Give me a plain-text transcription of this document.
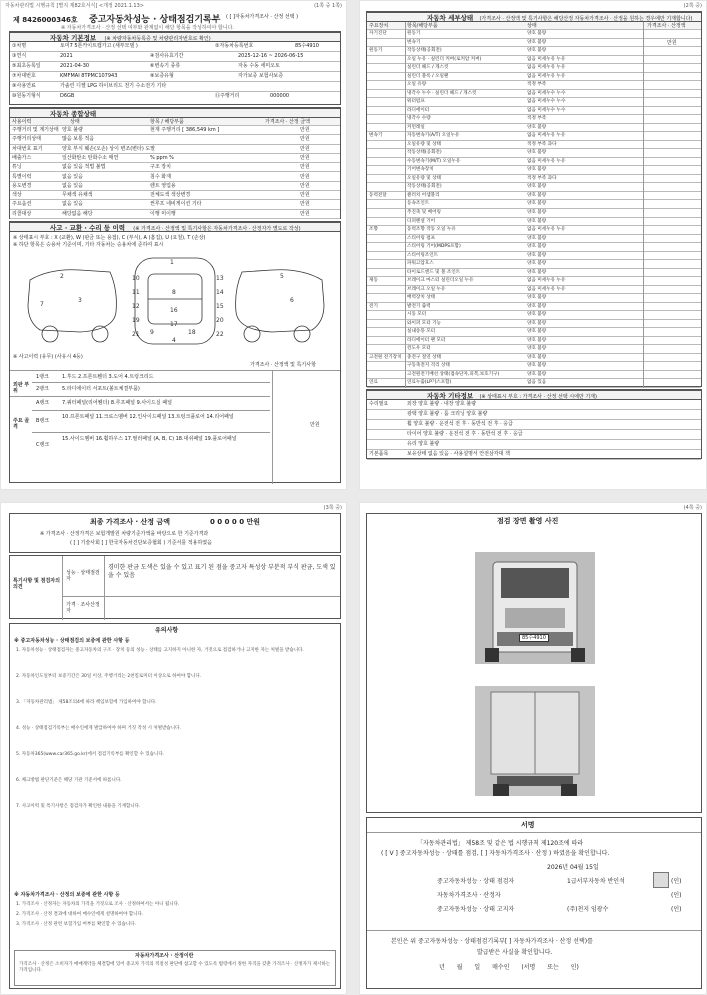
자동차관리법 시행규칙 [별지 제82호서식] <개정 2021.1.13>	(1쪽 중 1쪽)
제 8426000346호 중고자동차성능 · 상태점검기록부 ( [ ]자동차가격조사 · 산정 선택 )
※ 자동차가격조사 · 산정 선택 여부와 관계없이 해당 항목을 작성하여야 합니다.
자동차 기본정보 (※ 차량자동차등록증 및 차량관리자번호로 확인)
①차명	토미7 5톤카이트캡가고 (새부모델 )	②자동차등록번호	85수4910
③연식	2021	④검사유효기간	2025-12-16 ~ 2026-06-15
⑤최초등록일	2021-04-30	⑥변속기 종류	자동 수동 세미오토
⑦차대번호	KMFMAI 8TPMC107943	⑧보증유형	자가보증 보험사보증
⑨사용연료	가솔린 디젤 LPG 하이브리드 전기 수소전기 기타
⑩원동기형식	D6GB	⑪주행거리	000000
자동차 종합상태
사용이력	상태	항목 / 해당부품	가격조사 · 산정 금액
주행거리 및 계기상태 양호 불량	현재 주행거리 [ 386,549 km ]	만원
주행거리상태	많음 보통 적음	만원
차대번호 표기	양호 부식 훼손(오손) 상이 변조(변타) 도말	만원
배출가스	일산화탄소 탄화수소 매연	% ppm %	만원
튜닝	없음 있음 적법 불법	구조 장치	만원
특별이력	없음 있음	침수 화재	만원
용도변경	없음 있음	렌트 영업용	만원
색상	무채색 유채색	전체도색 색상변경	만원
주요옵션	없음 있음	썬루프 네비게이션 기타	만원
리콜대상	해당없음 해당	이행 미이행	만원
사고 · 교환 · 수리 등 이력 (※ 가격조사 · 산정액 및 특기사항은 자동차가격조사 · 산정자가 별도로 작성)
※ 상태표시 부호 : X (교환), W (판금 또는 용접), C (부식), A (흠집), U (요철), T (손상)
※ 하단 항목은 승용차 기준이며, 기타 자동차는 승용차에 준하여 표시
1
2
3
4
5
6
7
8
9
10
11
12
13
14
15
16
17
18
19	20
21	22
※ 사고이력 (유무) (사유시 4등)
가격조사 · 산정액 및 특기사항
외판 부위
1랭크	1.후드 2.프론트휀더 3.도어 4.트렁크리드
2랭크	5.라디에이터 서포트(볼트체결부품)
주요 골격
A랭크	7.쿼터패널(리어휀더) 8.루프패널 9.사이드실 패널
B랭크
10.프론트패널 11.크로스멤버 12.인사이드패널 13.트렁크플로어 14.리어패널
C랭크
15.사이드멤버 16.휠하우스 17.필러패널 (A, B, C) 18.대쉬패널 19.플로어패널
만원
(2쪽 중)
자동차 세부상태 (가격조사 · 산정액 및 특기사항은 해당산정 자동차가격조사 · 산정을 원하는 경우에만 기재합니다)
주요장치	항목/해당부품	상태	가격조사 · 산정액
자기진단	원동기	양호 불량
변속기	양호 불량
원동기	작동상태(공회전)	양호 불량
오일 누유 · 실린더 커버(로커암 커버)	없음 미세누유 누유
실린더 헤드 / 개스킷	없음 미세누유 누유
실린더 블록 / 오일팬	없음 미세누유 누유
오일 유량	적정 부족
냉각수 누수 · 실린더 헤드 / 개스킷	없음 미세누수 누수
워터펌프	없음 미세누수 누수
라디에이터	없음 미세누수 누수
냉각수 수량	적정 부족
커먼레일	양호 불량
변속기	자동변속기(A/T) 오일누유	없음 미세누유 누유
오일유량 및 상태	적정 부족 과다
작동상태(공회전)	양호 불량
수동변속기(M/T) 오일누유	없음 미세누유 누유
기어변속장치	양호 불량
오일유량 및 상태	적정 부족 과다
작동상태(공회전)	양호 불량
동력전달	클러치 어셈블리	양호 불량
등속조인트	양호 불량
추진축 및 베어링	양호 불량
디퍼렌셜 기어	양호 불량
조향	동력조향 작동 오일 누유	없음 미세누유 누유
스티어링 펌프	양호 불량
스티어링 기어(MDPS포함)	양호 불량
스티어링조인트	양호 불량
파워고압호스	양호 불량
타이로드엔드 및 볼 조인트	양호 불량
제동	브레이크 마스터 실린더오일 누유	없음 미세누유 누유
브레이크 오일 누유	없음 미세누유 누유
배력장치 상태	양호 불량
전기	발전기 출력	양호 불량
시동 모터	양호 불량
와이퍼 모터 기능	양호 불량
실내송풍 모터	양호 불량
라디에이터 팬 모터	양호 불량
윈도우 모터	양호 불량
고전원 전기장치 충전구 절연 상태	양호 불량
구동축전지 격리 상태	양호 불량
고전원전기배선 상태(접속단자,피복,보호기구)	양호 불량
연료	연료누출(LP가스포함)	없음 있음
만원
자동차 기타정보 (※ 상태표시 부호 : 가격조사 · 산정 선택 시에만 기재)
수리필요	외장 양호 불량 · 내장 양호 불량
광택 양호 불량 · 룸 크리닝 양호 불량
휠 양호 불량 · 운전석 전 후 · 동반석 전 후 · 응급
타이어 양호 불량 · 운전석 전 후 · 동반석 전 후 · 응급
유리 양호 불량
기본품목	보유상태 없음 있음 · 사용설명서 안전삼각대 잭
(3쪽 중)
최종 가격조사 · 산정 금액	0 0 0 0 0 만원
※ 가격조사 · 산정가격은 보험개발원 차량기준가액을 바탕으로 한 기준가격과
( [ ] 기술사회 [ ] 한국자동차진단보증협회 ) 기준서를 적용하였음
특기사항 및 점검자의 의견
성능 · 상태점검자
경미한 판금 도색은 있을 수 있고 표기 된 점을 중고자 특성상 부분적 부식 판금, 도색 있을 수 있음
가격 · 조사산정자
유의사항
※ 중고자동차성능 · 상태점검의 보증에 관한 사항 등
1. 자동차성능 · 상태점검자는 중고자동차의 구조 · 장치 등의 성능 · 상태를 고지하지 아니한 자, 거짓으로 점검하거나 고지한 자는 처벌을 받습니다.
2. 자동차인도일부터 보증기간은 30일 이상, 주행거리는 2천킬로미터 이상으로 하여야 합니다.
3. 「자동차관리법」 제58조의4에 따라 책임보험에 가입하여야 합니다.
4. 성능 · 상태점검기록부는 매수인에게 발급하여야 하며 거짓 작성 시 처벌받습니다.
5. 자동차365(www.car365.go.kr)에서 점검기록부를 확인할 수 있습니다.
6. 체크방법 판단기준은 해당 기관 기준서에 따릅니다.
7. 사고이력 및 특기사항은 점검자가 확인한 내용을 기재합니다.
※ 자동차가격조사 · 산정의 보증에 관한 사항 등
1. 가격조사 · 산정자는 자동차의 가격을 거짓으로 조사 · 산정하여서는 아니 됩니다.
2. 가격조사 · 산정 결과에 대하여 매수인에게 설명하여야 합니다.
3. 가격조사 · 산정 관련 보험가입 여부를 확인할 수 있습니다.
자동차가격조사 · 산정이란
가격조사 · 산정은 소비자가 매매계약을 체결함에 있어 중고차 가격의 적절성 판단에 참고할 수 있도록 법령에서 정한 자격을 갖춘 가격조사 · 산정자가 제시하는 가격입니다.
(4쪽 중)
점검 장면 촬영 사진
85수4910
서명
「자동차관리법」 제58조 및 같은 법 시행규칙 제120조에 따라
( [ V ] 중고자동차성능 · 상태를 점검, [ ] 자동차가격조사 · 산정 ) 하였음을 확인합니다.
2026년 04월 15일
본인은 위 중고자동차성능 · 상태점검기록부[ ] 자동차가격조사 · 산정 선택)를
발급받은 사실을 확인합니다.
년 월 일 매수인 (서명 또는 인)
중고자동차성능 · 상태 점검자	1급서부자동차 반인석	(인)
자동차가격조사 · 산정자	(인)
중고자동차성능 · 상태 고지자	(주)천지 임광수	(인)
